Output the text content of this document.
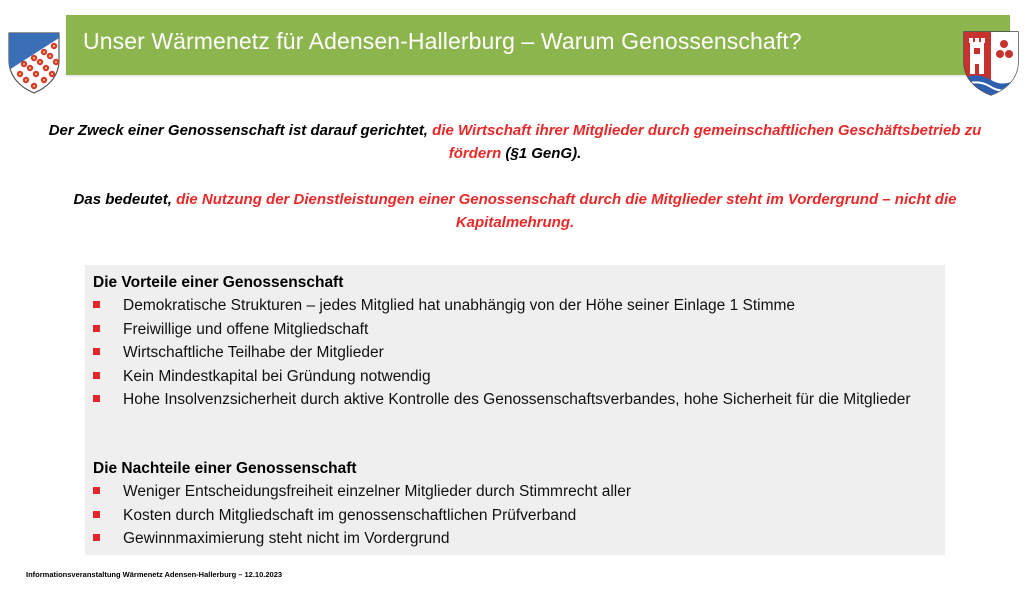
Unser Wärmenetz für Adensen-Hallerburg – Warum Genossenschaft?
Der Zweck einer Genossenschaft ist darauf gerichtet, die Wirtschaft ihrer Mitglieder durch gemeinschaftlichen Geschäftsbetrieb zu fördern (§1 GenG).
Das bedeutet, die Nutzung der Dienstleistungen einer Genossenschaft durch die Mitglieder steht im Vordergrund – nicht die Kapitalmehrung.
Die Vorteile einer Genossenschaft
Demokratische Strukturen – jedes Mitglied hat unabhängig von der Höhe seiner Einlage 1 Stimme
Freiwillige und offene Mitgliedschaft
Wirtschaftliche Teilhabe der Mitglieder
Kein Mindestkapital bei Gründung notwendig
Hohe Insolvenzsicherheit durch aktive Kontrolle des Genossenschaftsverbandes, hohe Sicherheit für die Mitglieder
Die Nachteile einer Genossenschaft
Weniger Entscheidungsfreiheit einzelner Mitglieder durch Stimmrecht aller
Kosten durch Mitgliedschaft im genossenschaftlichen Prüfverband
Gewinnmaximierung steht nicht im Vordergrund
Informationsveranstaltung Wärmenetz Adensen-Hallerburg – 12.10.2023
